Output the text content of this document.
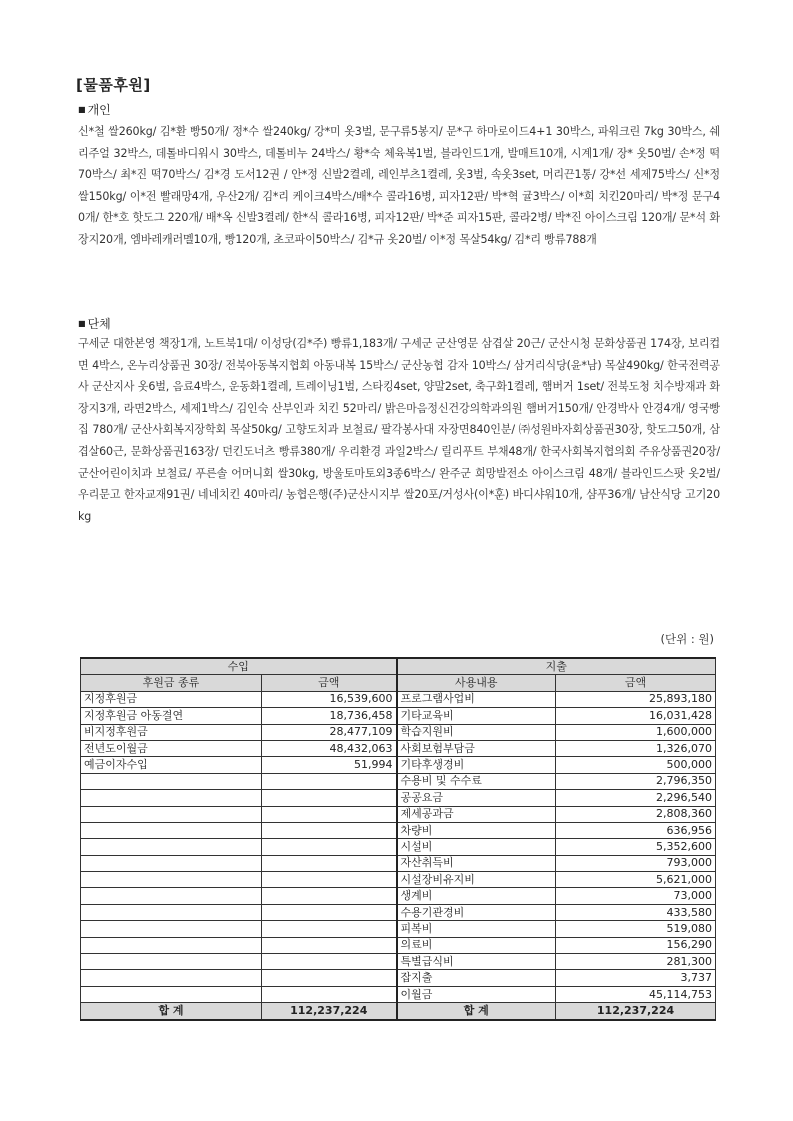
[물품후원]
■ 개인
신*철 쌀260kg/ 김*환 빵50개/ 정*수 쌀240kg/ 강*미 옷3벌, 문구류5봉지/ 문*구 하마로이드4+1 30박스, 파워크린 7kg 30박스, 쉐리주얼 32박스, 데톨바디워시 30박스, 데톨비누 24박스/ 황*숙 체육복1벌, 블라인드1개, 발매트10개, 시계1개/ 장* 옷50벌/ 손*정 떡 70박스/ 최*진 떡70박스/ 김*경 도서12권 / 안*정 신발2켤레, 레인부츠1켤레, 옷3벌, 속옷3set, 머리끈1통/ 강*선 세제75박스/ 신*정 쌀150kg/ 이*전 빨래망4개, 우산2개/ 김*리 케이크4박스/배*수 콜라16병, 피자12판/ 박*혁 귤3박스/ 이*희 치킨20마리/ 박*정 문구40개/ 한*호 핫도그 220개/ 배*옥 신발3켤레/ 한*식 콜라16병, 피자12판/ 박*준 피자15판, 콜라2병/ 박*진 아이스크림 120개/ 문*석 화장지20개, 엠바레캐러멜10개, 빵120개, 초코파이50박스/ 김*규 옷20벌/ 이*정 목살54kg/ 김*리 빵류788개
■ 단체
구세군 대한본영 책장1개, 노트북1대/ 이성당(김*주) 빵류1,183개/ 구세군 군산영문 삼겹살 20근/ 군산시청 문화상품권 174장, 보리컵면 4박스, 온누리상품권 30장/ 전북아동복지협회 아동내복 15박스/ 군산농협 감자 10박스/ 삼거리식당(윤*남) 목살490kg/ 한국전력공사 군산지사 옷6벌, 음료4박스, 운동화1켤레, 트레이닝1벌, 스타킹4set, 양말2set, 축구화1켤레, 햄버거 1set/ 전북도청 치수방재과 화장지3개, 라면2박스, 세제1박스/ 김인숙 산부인과 치킨 52마리/ 밝은마음정신건강의학과의원 햄버거150개/ 안경박사 안경4개/ 영국빵집 780개/ 군산사회복지장학회 목살50kg/ 고향도치과 보철료/ 팔각봉사대 자장면840인분/ ㈜성원바자회상품권30장, 핫도그50개, 삼겹살60근, 문화상품권163장/ 던킨도너츠 빵류380개/ 우리환경 과일2박스/ 릴리푸트 부채48개/ 한국사회복지협의회 주유상품권20장/ 군산어린이치과 보철료/ 푸른솔 어머니회 쌀30kg, 방울토마토외3종6박스/ 완주군 희망발전소 아이스크림 48개/ 블라인드스팟 옷2벌/ 우리문고 한자교재91권/ 네네치킨 40마리/ 농협은행(주)군산시지부 쌀20포/거성사(이*훈) 바디샤워10개, 샴푸36개/ 남산식당 고기20kg
(단위 : 원)
수입		지출	
후원금 종류	금액	사용내용	금액
지정후원금	16,539,600	프로그램사업비	25,893,180
지정후원금 아동결연	18,736,458	기타교육비	16,031,428
비지정후원금	28,477,109	학습지원비	1,600,000
전년도이월금	48,432,063	사회보험부담금	1,326,070
예금이자수입	51,994	기타후생경비	500,000
		수용비 및 수수료	2,796,350
		공공요금	2,296,540
		제세공과금	2,808,360
		차량비	636,956
		시설비	5,352,600
		자산취득비	793,000
		시설장비유지비	5,621,000
		생계비	73,000
		수용기관경비	433,580
		피복비	519,080
		의료비	156,290
		특별급식비	281,300
		잡지출	3,737
		이월금	45,114,753
합 계	112,237,224	합 계	112,237,224
